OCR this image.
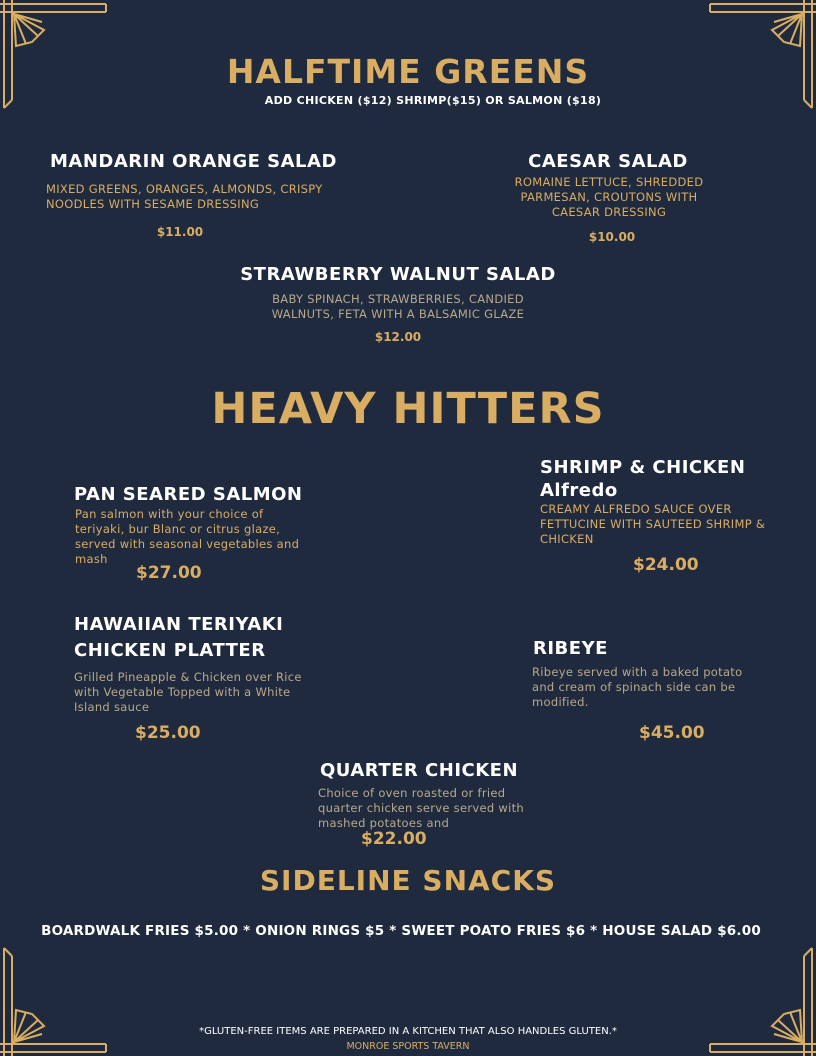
HALFTIME GREENS
ADD CHICKEN ($12) SHRIMP($15) OR SALMON ($18)
MANDARIN ORANGE SALAD
MIXED GREENS, ORANGES, ALMONDS, CRISPY NOODLES WITH SESAME DRESSING
$11.00
CAESAR SALAD
ROMAINE LETTUCE, SHREDDED PARMESAN, CROUTONS WITH CAESAR DRESSING
$10.00
STRAWBERRY WALNUT SALAD
BABY SPINACH, STRAWBERRIES, CANDIED WALNUTS, FETA WITH A BALSAMIC GLAZE
$12.00
HEAVY HITTERS
PAN SEARED SALMON
Pan salmon with your choice of teriyaki, bur Blanc or citrus glaze, served with seasonal vegetables and mash
$27.00
SHRIMP & CHICKEN Alfredo
CREAMY ALFREDO SAUCE OVER FETTUCINE WITH SAUTEED SHRIMP & CHICKEN
$24.00
HAWAIIAN TERIYAKI CHICKEN PLATTER
Grilled Pineapple & Chicken over Rice with Vegetable Topped with a White Island sauce
$25.00
RIBEYE
Ribeye served with a baked potato and cream of spinach side can be modified.
$45.00
QUARTER CHICKEN
Choice of oven roasted or fried quarter chicken serve served with mashed potatoes and
$22.00
SIDELINE SNACKS
BOARDWALK FRIES $5.00 * ONION RINGS $5 * SWEET POATO FRIES $6 * HOUSE SALAD $6.00
*GLUTEN-FREE ITEMS ARE PREPARED IN A KITCHEN THAT ALSO HANDLES GLUTEN.*
MONROE SPORTS TAVERN
